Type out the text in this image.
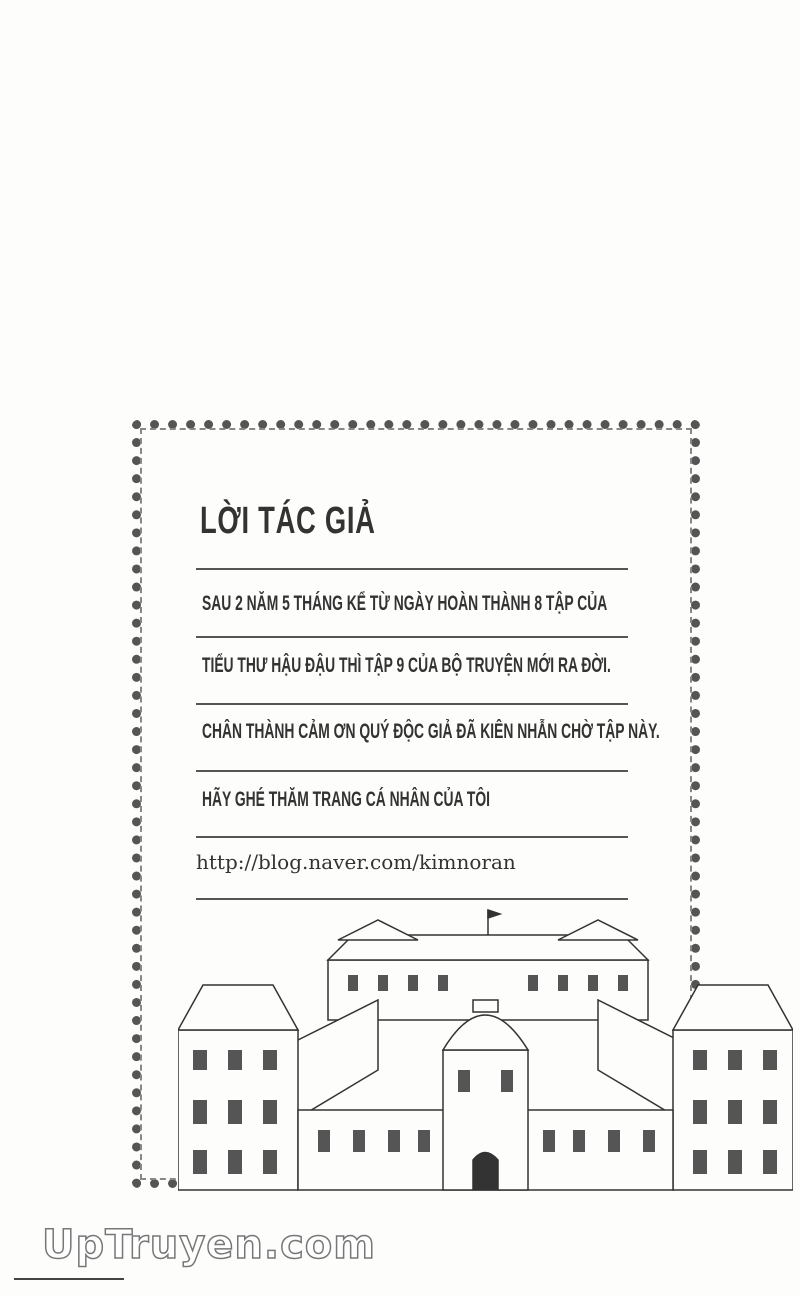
LỜI TÁC GIẢ
SAU 2 NĂM 5 THÁNG KỂ TỪ NGÀY HOÀN THÀNH 8 TẬP CỦA
TIỂU THƯ HẬU ĐẬU THÌ TẬP 9 CỦA BỘ TRUYỆN MỚI RA ĐỜI.
CHÂN THÀNH CẢM ƠN QUÝ ĐỘC GIẢ ĐÃ KIÊN NHẪN CHỜ TẬP NÀY.
HÃY GHÉ THĂM TRANG CÁ NHÂN CỦA TÔI
http://blog.naver.com/kimnoran
UpTruyen.com
